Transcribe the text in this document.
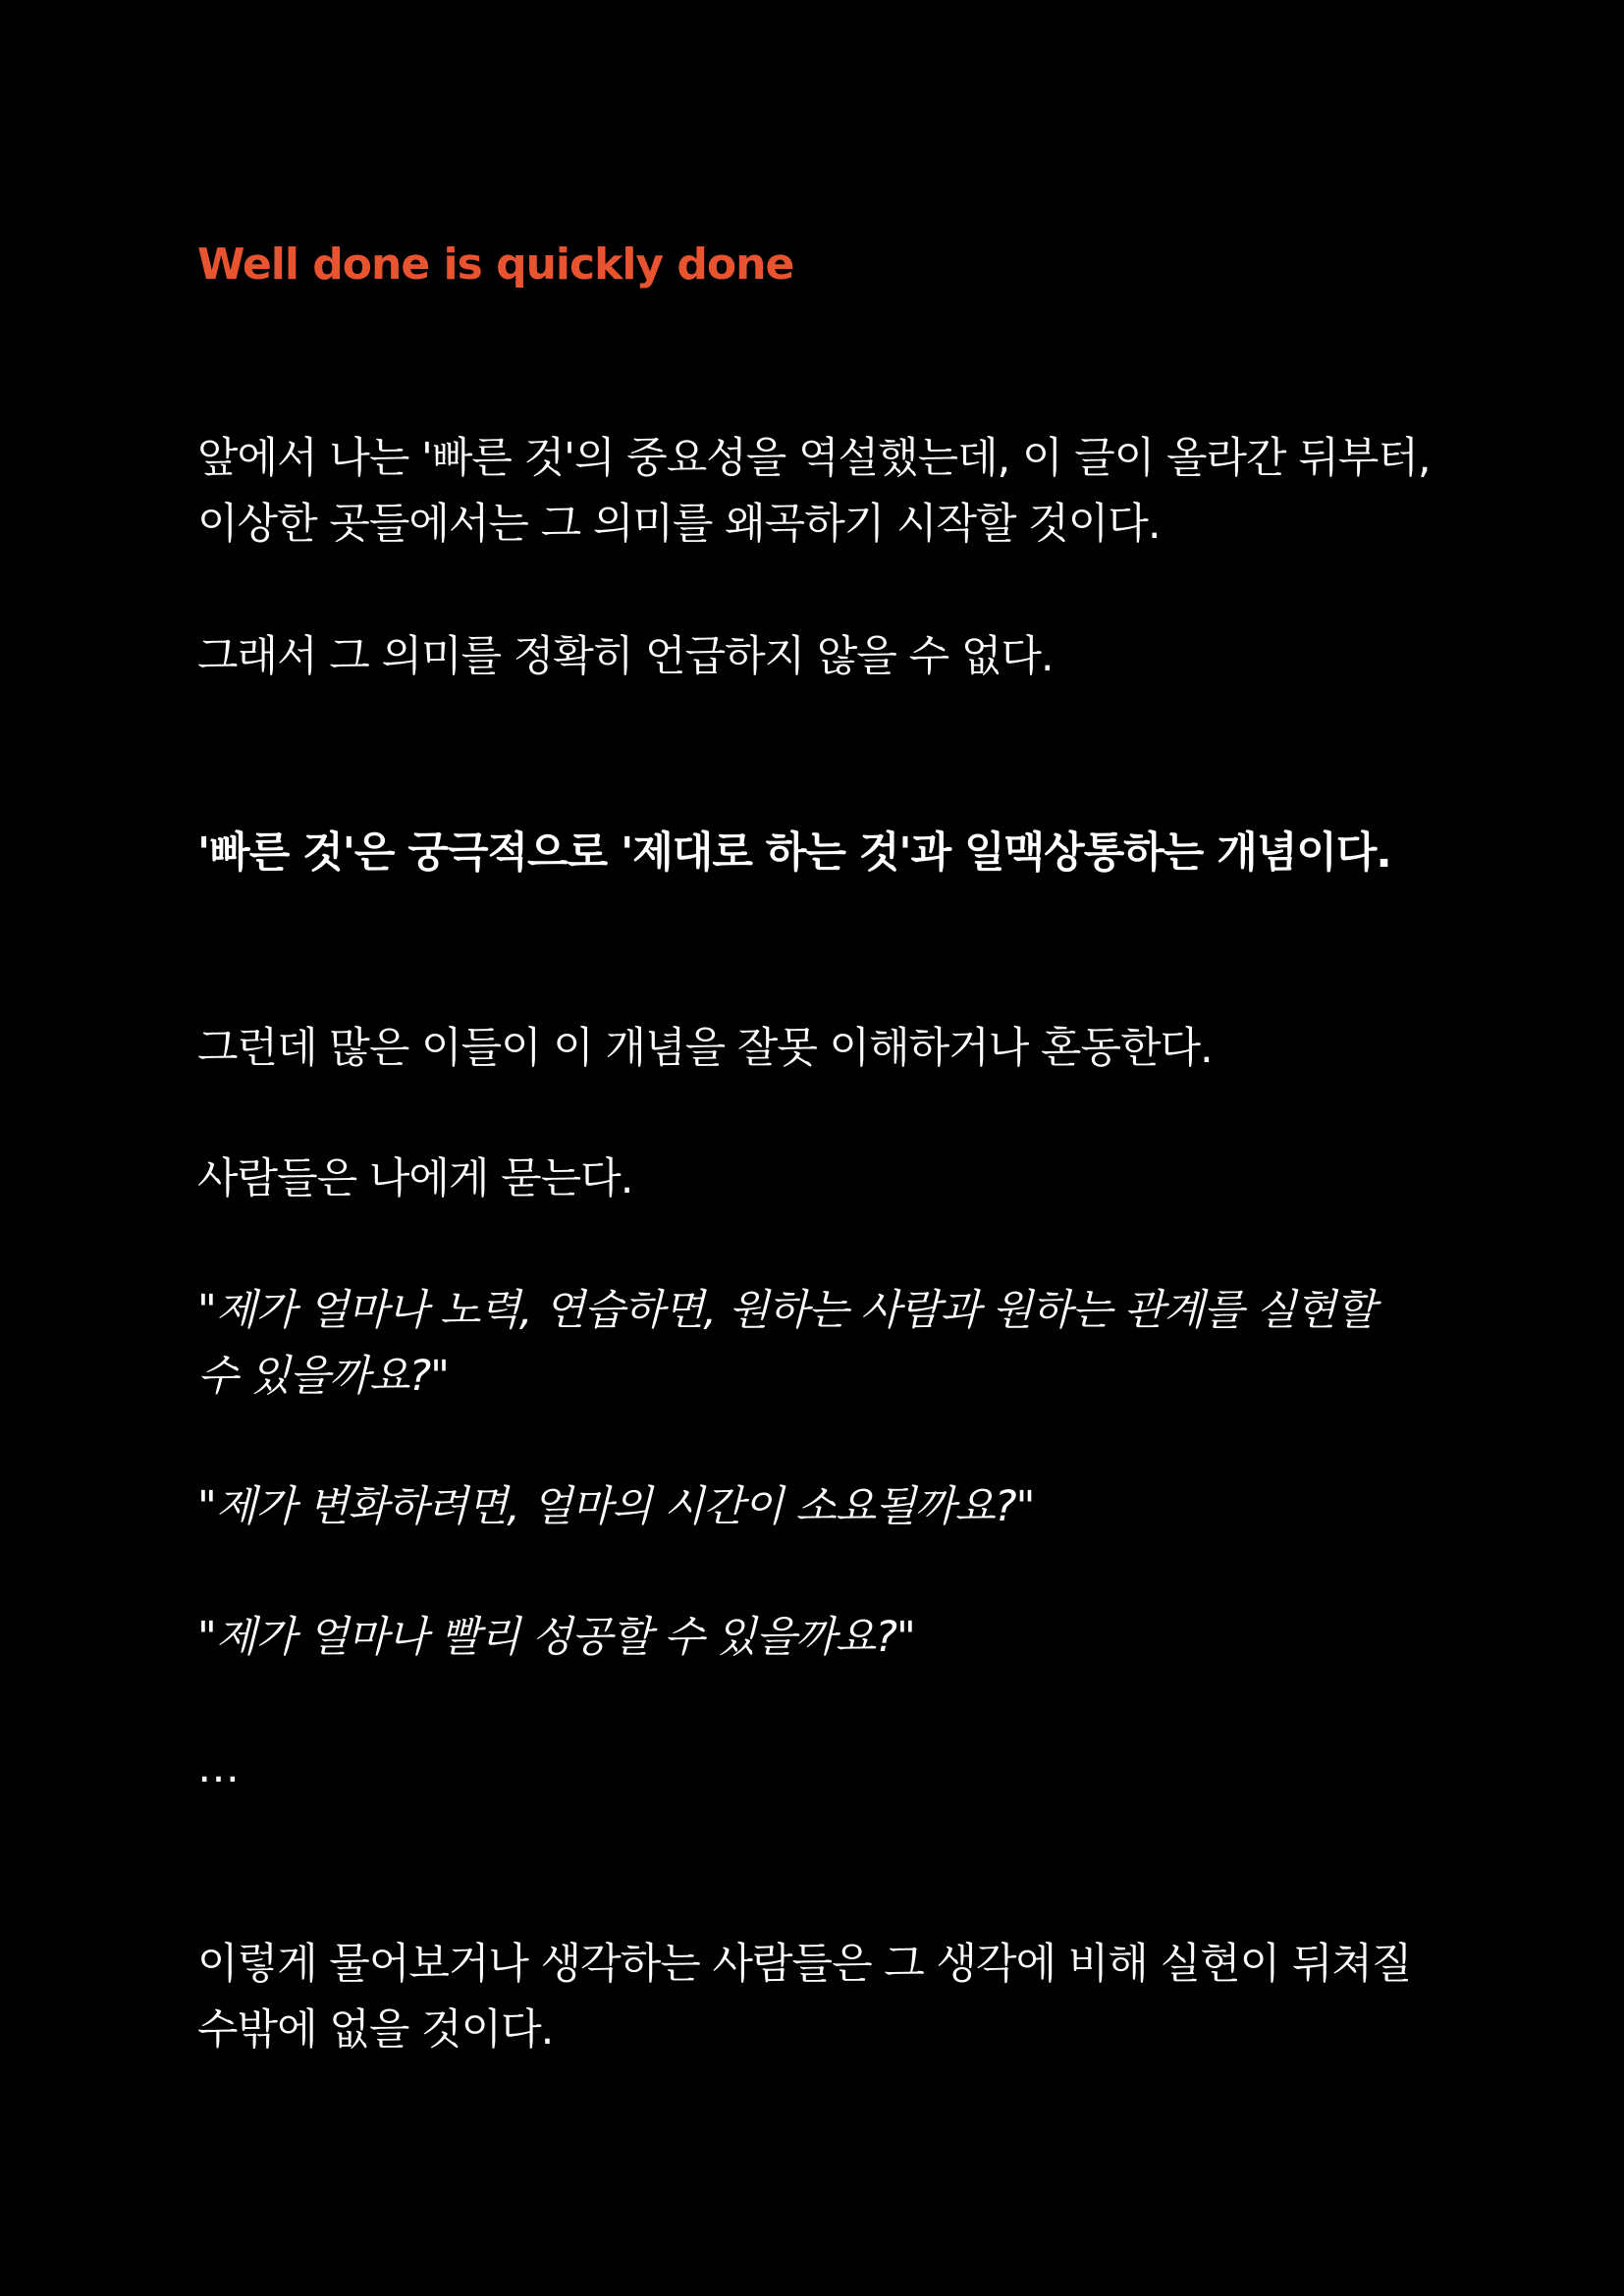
Well done is quickly done

앞에서 나는 '빠른 것'의 중요성을 역설했는데, 이 글이 올라간 뒤부터,

이상한 곳들에서는 그 의미를 왜곡하기 시작할 것이다.

그래서 그 의미를 정확히 언급하지 않을 수 없다.

'빠른 것'은 궁극적으로 '제대로 하는 것'과 일맥상통하는 개념이다.

그런데 많은 이들이 이 개념을 잘못 이해하거나 혼동한다.

사람들은 나에게 묻는다.

"제가 얼마나 노력, 연습하면, 원하는 사람과 원하는 관계를 실현할

수 있을까요?"

"제가 변화하려면, 얼마의 시간이 소요될까요?"

"제가 얼마나 빨리 성공할 수 있을까요?"

…

이렇게 물어보거나 생각하는 사람들은 그 생각에 비해 실현이 뒤쳐질

수밖에 없을 것이다.
